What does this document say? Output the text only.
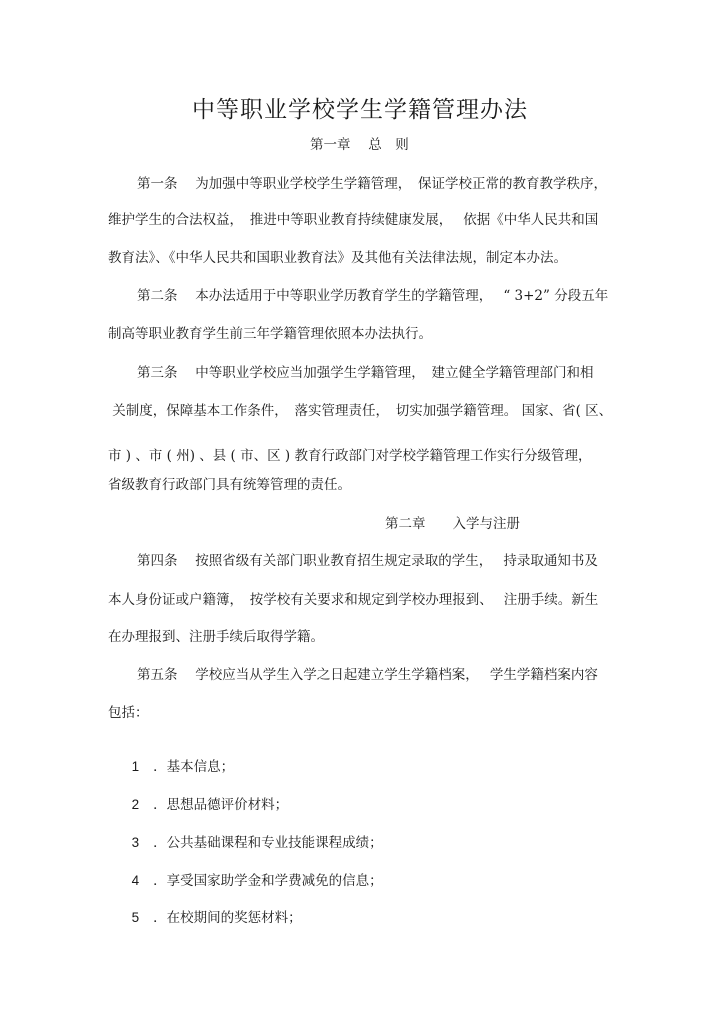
中等职业学校学生学籍管理办法
第一章　 总　则
第一条　 为加强中等职业学校学生学籍管理，　保证学校正常的教育教学秩序，
维护学生的合法权益，　推进中等职业教育持续健康发展，　 依据《中华人民共和国
教育法》、《中华人民共和国职业教育法》及其他有关法律法规，制定本办法。
第二条　 本办法适用于中等职业学历教育学生的学籍管理，　 “ 3+2” 分段五年
制高等职业教育学生前三年学籍管理依照本办法执行。
第三条　 中等职业学校应当加强学生学籍管理，　建立健全学籍管理部门和相
关制度，保障基本工作条件，　落实管理责任，　切实加强学籍管理。 国家、省( 区、
市 ) 、市 ( 州) 、县 ( 市、区 ) 教育行政部门对学校学籍管理工作实行分级管理，
省级教育行政部门具有统筹管理的责任。
第二章　　入学与注册
第四条　 按照省级有关部门职业教育招生规定录取的学生，　 持录取通知书及
本人身份证或户籍簿，　按学校有关要求和规定到学校办理报到、　 注册手续。新生
在办理报到、注册手续后取得学籍。
第五条　 学校应当从学生入学之日起建立学生学籍档案，　 学生学籍档案内容
包括：

1 ．基本信息；

2 ．思想品德评价材料；

3 ．公共基础课程和专业技能课程成绩；

4 ．享受国家助学金和学费减免的信息；

5 ．在校期间的奖惩材料；
